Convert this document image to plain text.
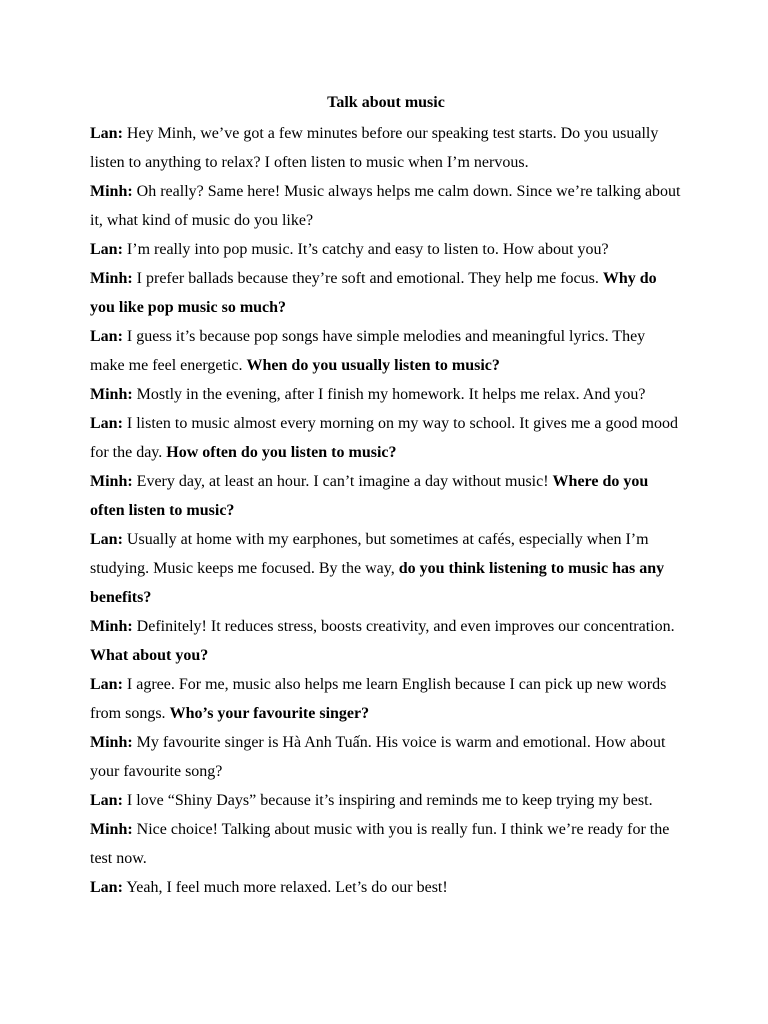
Talk about music

Lan: Hey Minh, we’ve got a few minutes before our speaking test starts. Do you usually listen to anything to relax? I often listen to music when I’m nervous.

Minh: Oh really? Same here! Music always helps me calm down. Since we’re talking about it, what kind of music do you like?

Lan: I’m really into pop music. It’s catchy and easy to listen to. How about you?

Minh: I prefer ballads because they’re soft and emotional. They help me focus. Why do you like pop music so much?

Lan: I guess it’s because pop songs have simple melodies and meaningful lyrics. They make me feel energetic. When do you usually listen to music?

Minh: Mostly in the evening, after I finish my homework. It helps me relax. And you?

Lan: I listen to music almost every morning on my way to school. It gives me a good mood for the day. How often do you listen to music?

Minh: Every day, at least an hour. I can’t imagine a day without music! Where do you often listen to music?

Lan: Usually at home with my earphones, but sometimes at cafés, especially when I’m studying. Music keeps me focused. By the way, do you think listening to music has any benefits?

Minh: Definitely! It reduces stress, boosts creativity, and even improves our concentration. What about you?

Lan: I agree. For me, music also helps me learn English because I can pick up new words from songs. Who’s your favourite singer?

Minh: My favourite singer is Hà Anh Tuấn. His voice is warm and emotional. How about your favourite song?

Lan: I love “Shiny Days” because it’s inspiring and reminds me to keep trying my best.

Minh: Nice choice! Talking about music with you is really fun. I think we’re ready for the test now.

Lan: Yeah, I feel much more relaxed. Let’s do our best!
